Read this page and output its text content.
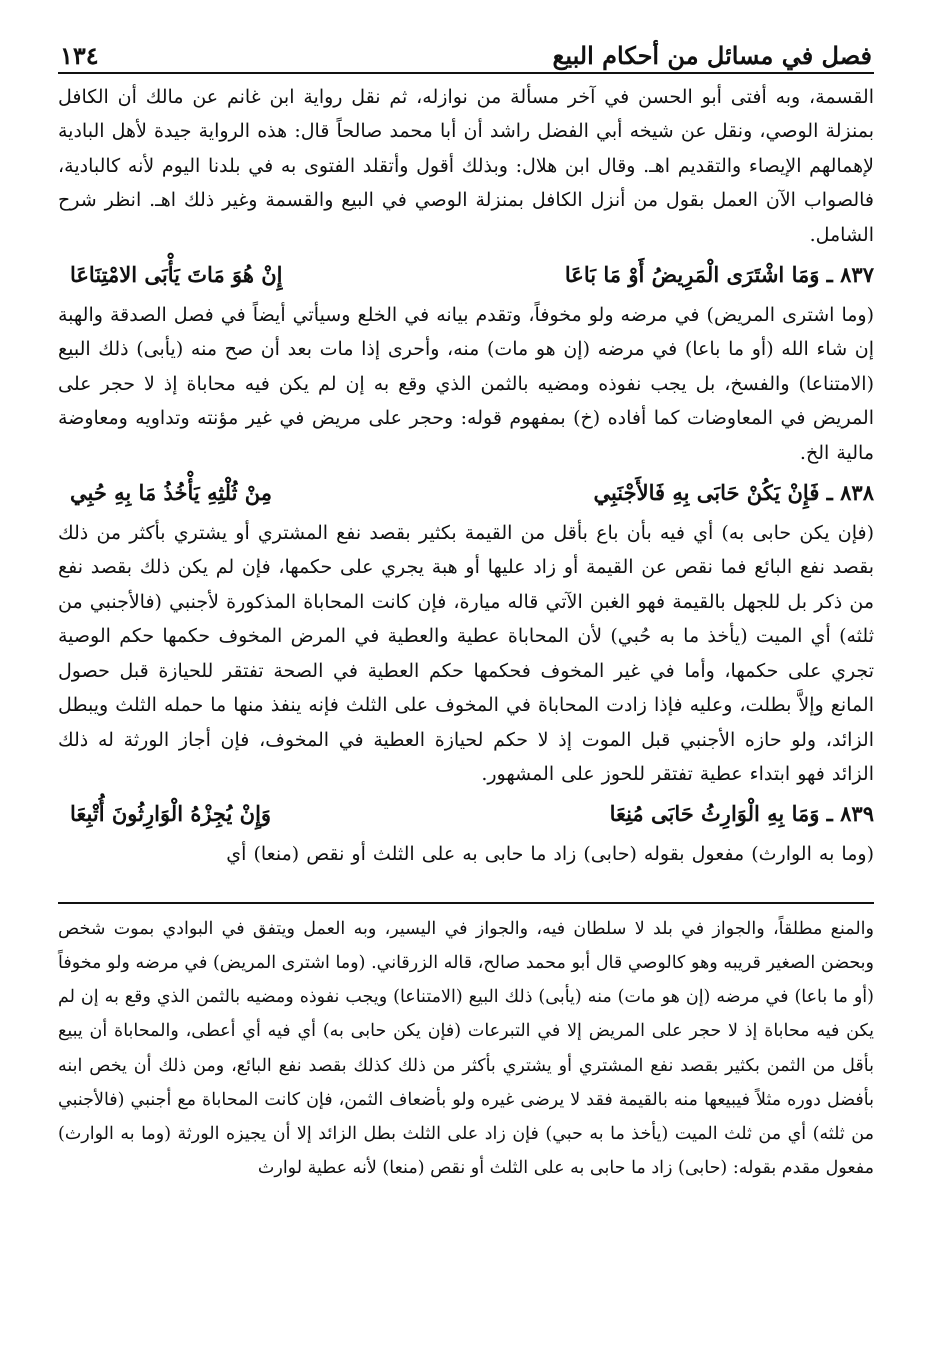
فصل في مسائل من أحكام البيع
١٣٤

القسمة، وبه أفتى أبو الحسن في آخر مسألة من نوازله، ثم نقل رواية ابن غانم عن مالك أن الكافل بمنزلة الوصي، ونقل عن شيخه أبي الفضل راشد أن أبا محمد صالحاً قال: هذه الرواية جيدة لأهل البادية لإهمالهم الإيصاء والتقديم اهـ. وقال ابن هلال: وبذلك أقول وأتقلد الفتوى به في بلدنا اليوم لأنه كالبادية، فالصواب الآن العمل بقول من أنزل الكافل بمنزلة الوصي في البيع والقسمة وغير ذلك اهـ. انظر شرح الشامل.

٨٣٧ ـ وَمَا اشْتَرَى الْمَرِيضُ أَوْ مَا بَاعَا
إِنْ هُوَ مَاتَ يَأْبَى الامْتِنَاعَا

(وما اشترى المريض) في مرضه ولو مخوفاً، وتقدم بيانه في الخلع وسيأتي أيضاً في فصل الصدقة والهبة إن شاء الله (أو ما باعا) في مرضه (إن هو مات) منه، وأحرى إذا مات بعد أن صح منه (يأبى) ذلك البيع (الامتناعا) والفسخ، بل يجب نفوذه ومضيه بالثمن الذي وقع به إن لم يكن فيه محاباة إذ لا حجر على المريض في المعاوضات كما أفاده (خ) بمفهوم قوله: وحجر على مريض في غير مؤنته وتداويه ومعاوضة مالية الخ.

٨٣٨ ـ فَإِنْ يَكُنْ حَابَى بِهِ فَالأَجْنَبِي
مِنْ ثُلْثِهِ يَأْخُذُ مَا بِهِ حُبِي

(فإن يكن حابى به) أي فيه بأن باع بأقل من القيمة بكثير بقصد نفع المشتري أو يشتري بأكثر من ذلك بقصد نفع البائع فما نقص عن القيمة أو زاد عليها أو هبة يجري على حكمها، فإن لم يكن ذلك بقصد نفع من ذكر بل للجهل بالقيمة فهو الغبن الآتي قاله ميارة، فإن كانت المحاباة المذكورة لأجنبي (فالأجنبي من ثلثه) أي الميت (يأخذ ما به حُبي) لأن المحاباة عطية والعطية في المرض المخوف حكمها حكم الوصية تجري على حكمها، وأما في غير المخوف فحكمها حكم العطية في الصحة تفتقر للحيازة قبل حصول المانع وإلاَّ بطلت، وعليه فإذا زادت المحاباة في المخوف على الثلث فإنه ينفذ منها ما حمله الثلث ويبطل الزائد، ولو حازه الأجنبي قبل الموت إذ لا حكم لحيازة العطية في المخوف، فإن أجاز الورثة له ذلك الزائد فهو ابتداء عطية تفتقر للحوز على المشهور.

٨٣٩ ـ وَمَا بِهِ الْوَارِثُ حَابَى مُنِعَا
وَإِنْ يُجِزْهُ الْوَارِثُونَ أُتْبِعَا

(وما به الوارث) مفعول بقوله (حابى) زاد ما حابى به على الثلث أو نقص (منعا) أي

والمنع مطلقاً، والجواز في بلد لا سلطان فيه، والجواز في اليسير، وبه العمل ويتفق في البوادي بموت شخص وبحضن الصغير قريبه وهو كالوصي قال أبو محمد صالح، قاله الزرقاني. (وما اشترى المريض) في مرضه ولو مخوفاً (أو ما باعا) في مرضه (إن هو مات) منه (يأبى) ذلك البيع (الامتناعا) ويجب نفوذه ومضيه بالثمن الذي وقع به إن لم يكن فيه محاباة إذ لا حجر على المريض إلا في التبرعات (فإن يكن حابى به) أي فيه أي أعطى، والمحاباة أن يبيع بأقل من الثمن بكثير بقصد نفع المشتري أو يشتري بأكثر من ذلك كذلك بقصد نفع البائع، ومن ذلك أن يخص ابنه بأفضل دوره مثلاً فيبيعها منه بالقيمة فقد لا يرضى غيره ولو بأضعاف الثمن، فإن كانت المحاباة مع أجنبي (فالأجنبي من ثلثه) أي من ثلث الميت (يأخذ ما به حبي) فإن زاد على الثلث بطل الزائد إلا أن يجيزه الورثة (وما به الوارث) مفعول مقدم بقوله: (حابى) زاد ما حابى به على الثلث أو نقص (منعا) لأنه عطية لوارث
